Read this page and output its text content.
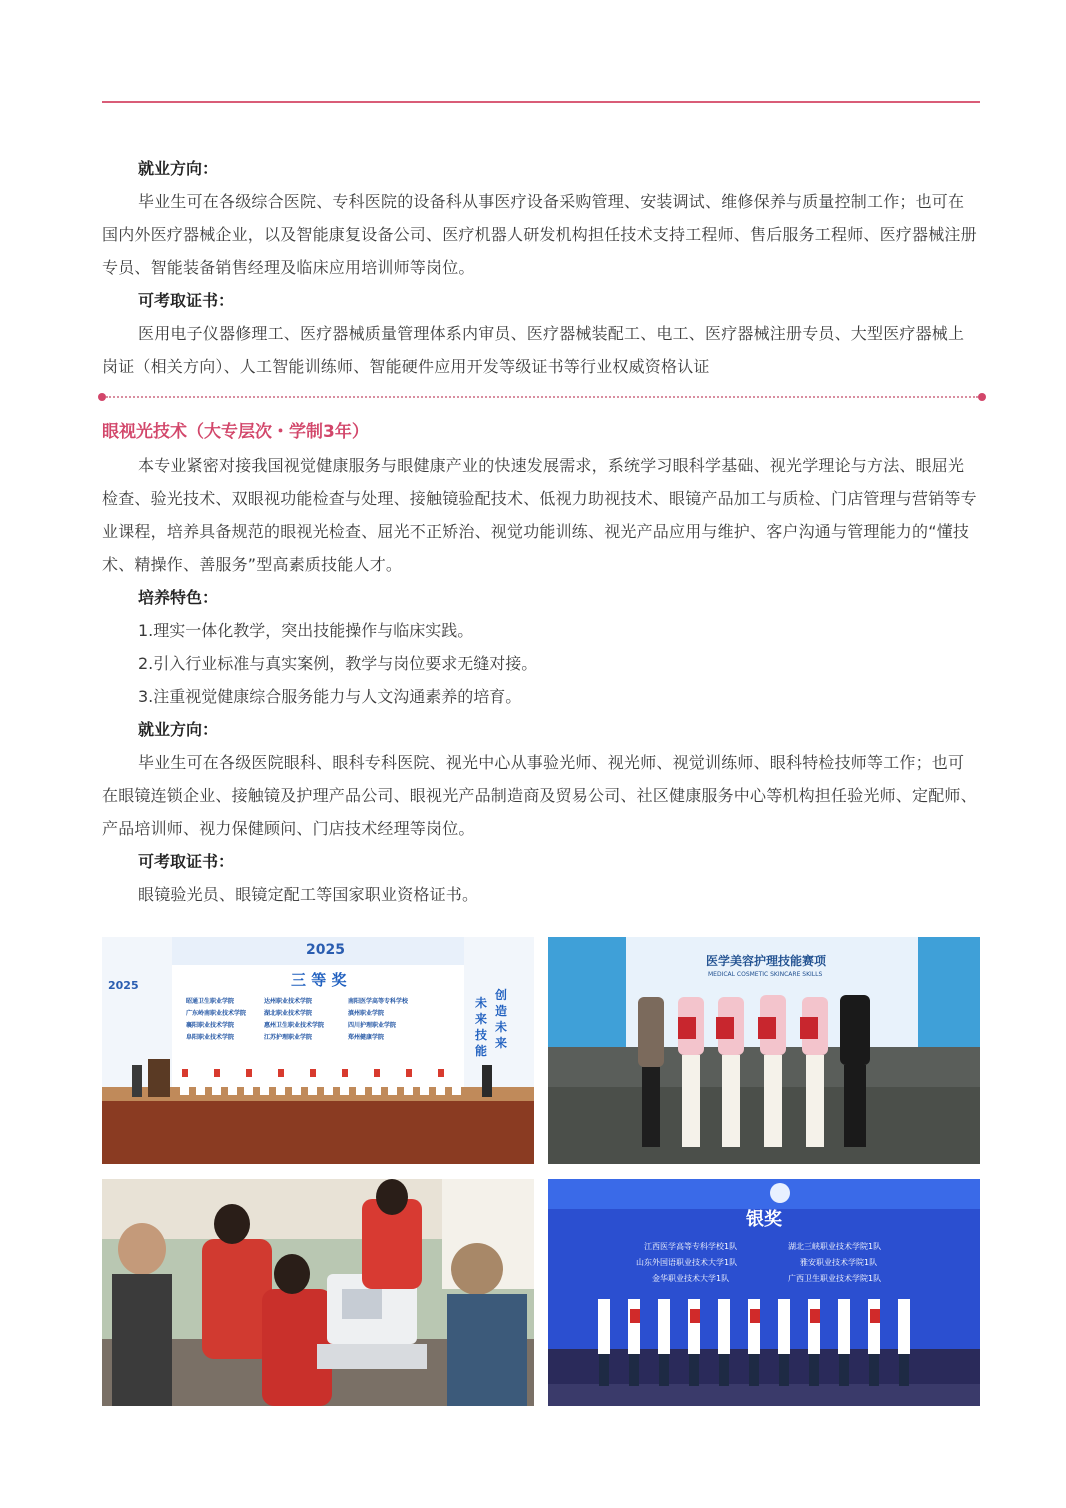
就业方向：

毕业生可在各级综合医院、专科医院的设备科从事医疗设备采购管理、安装调试、维修保养与质量控制工作；也可在国内外医疗器械企业，以及智能康复设备公司、医疗机器人研发机构担任技术支持工程师、售后服务工程师、医疗器械注册专员、智能装备销售经理及临床应用培训师等岗位。

可考取证书：

医用电子仪器修理工、医疗器械质量管理体系内审员、医疗器械装配工、电工、医疗器械注册专员、大型医疗器械上岗证（相关方向）、人工智能训练师、智能硬件应用开发等级证书等行业权威资格认证

眼视光技术（大专层次・学制3年）

本专业紧密对接我国视觉健康服务与眼健康产业的快速发展需求，系统学习眼科学基础、视光学理论与方法、眼屈光检查、验光技术、双眼视功能检查与处理、接触镜验配技术、低视力助视技术、眼镜产品加工与质检、门店管理与营销等专业课程，培养具备规范的眼视光检查、屈光不正矫治、视觉功能训练、视光产品应用与维护、客户沟通与管理能力的“懂技术、精操作、善服务”型高素质技能人才。

培养特色：
1.理实一体化教学，突出技能操作与临床实践。
2.引入行业标准与真实案例，教学与岗位要求无缝对接。
3.注重视觉健康综合服务能力与人文沟通素养的培育。
就业方向：

毕业生可在各级医院眼科、眼科专科医院、视光中心从事验光师、视光师、视觉训练师、眼科特检技师等工作；也可在眼镜连锁企业、接触镜及护理产品公司、眼视光产品制造商及贸易公司、社区健康服务中心等机构担任验光师、定配师、产品培训师、视力保健顾问、门店技术经理等岗位。

可考取证书：

眼镜验光员、眼镜定配工等国家职业资格证书。

2025
三 等 奖
昭通卫生职业学院	达州职业技术学院	南阳医学高等专科学校
广东岭南职业技术学院	湖北职业技术学院	滇州职业学院
襄阳职业技术学院	惠州卫生职业技术学院	四川护理职业学院
阜阳职业技术学院	江苏护理职业学院	郑州健康学院
2025
未
来
技
能
创
造
未
来
医学美容护理技能赛项
MEDICAL COSMETIC SKINCARE SKILLS
银奖
江西医学高等专科学校1队	湖北三峡职业技术学院1队
山东外国语职业技术大学1队	雅安职业技术学院1队
金华职业技术大学1队	广西卫生职业技术学院1队
